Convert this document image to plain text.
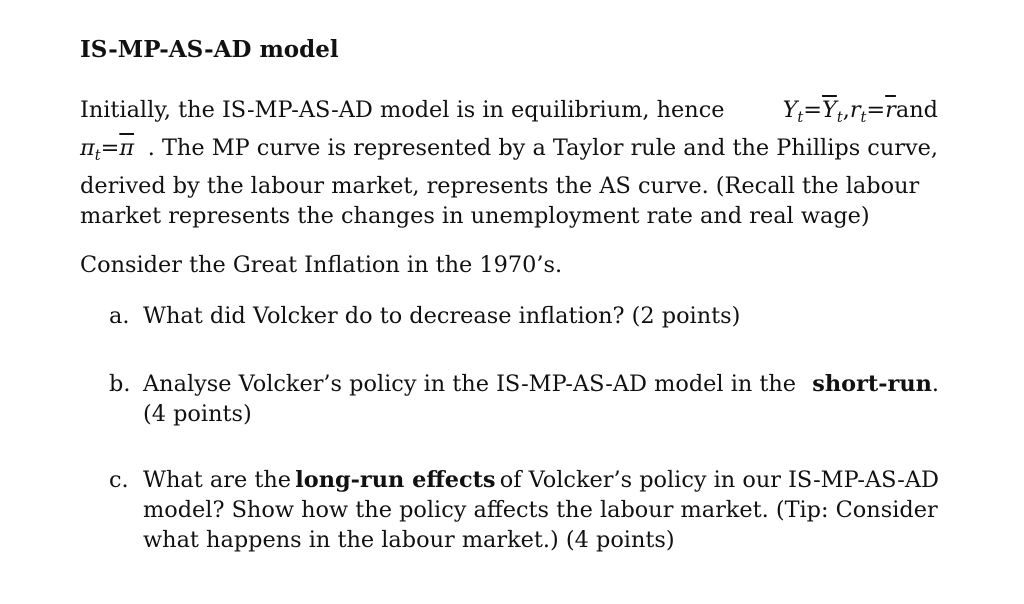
IS-MP-AS-AD model
Initially, the IS-MP-AS-AD model is in equilibrium, hence	$Yt=\overline{Y}t,rt=\overline{r}and$
$\pi t=\overline{\pi}$ . The MP curve is represented by a Taylor rule and the Phillips curve,
derived by the labour market, represents the AS curve. (Recall the labour
market represents the changes in unemployment rate and real wage)
Consider the Great Inflation in the 1970’s.
a. What did Volcker do to decrease inflation? (2 points)
b. Analyse Volcker’s policy in the IS-MP-AS-AD model in the short-run.
(4 points)
c. What are the long-run effects of Volcker’s policy in our IS-MP-AS-AD
model? Show how the policy affects the labour market. (Tip: Consider
what happens in the labour market.) (4 points)
